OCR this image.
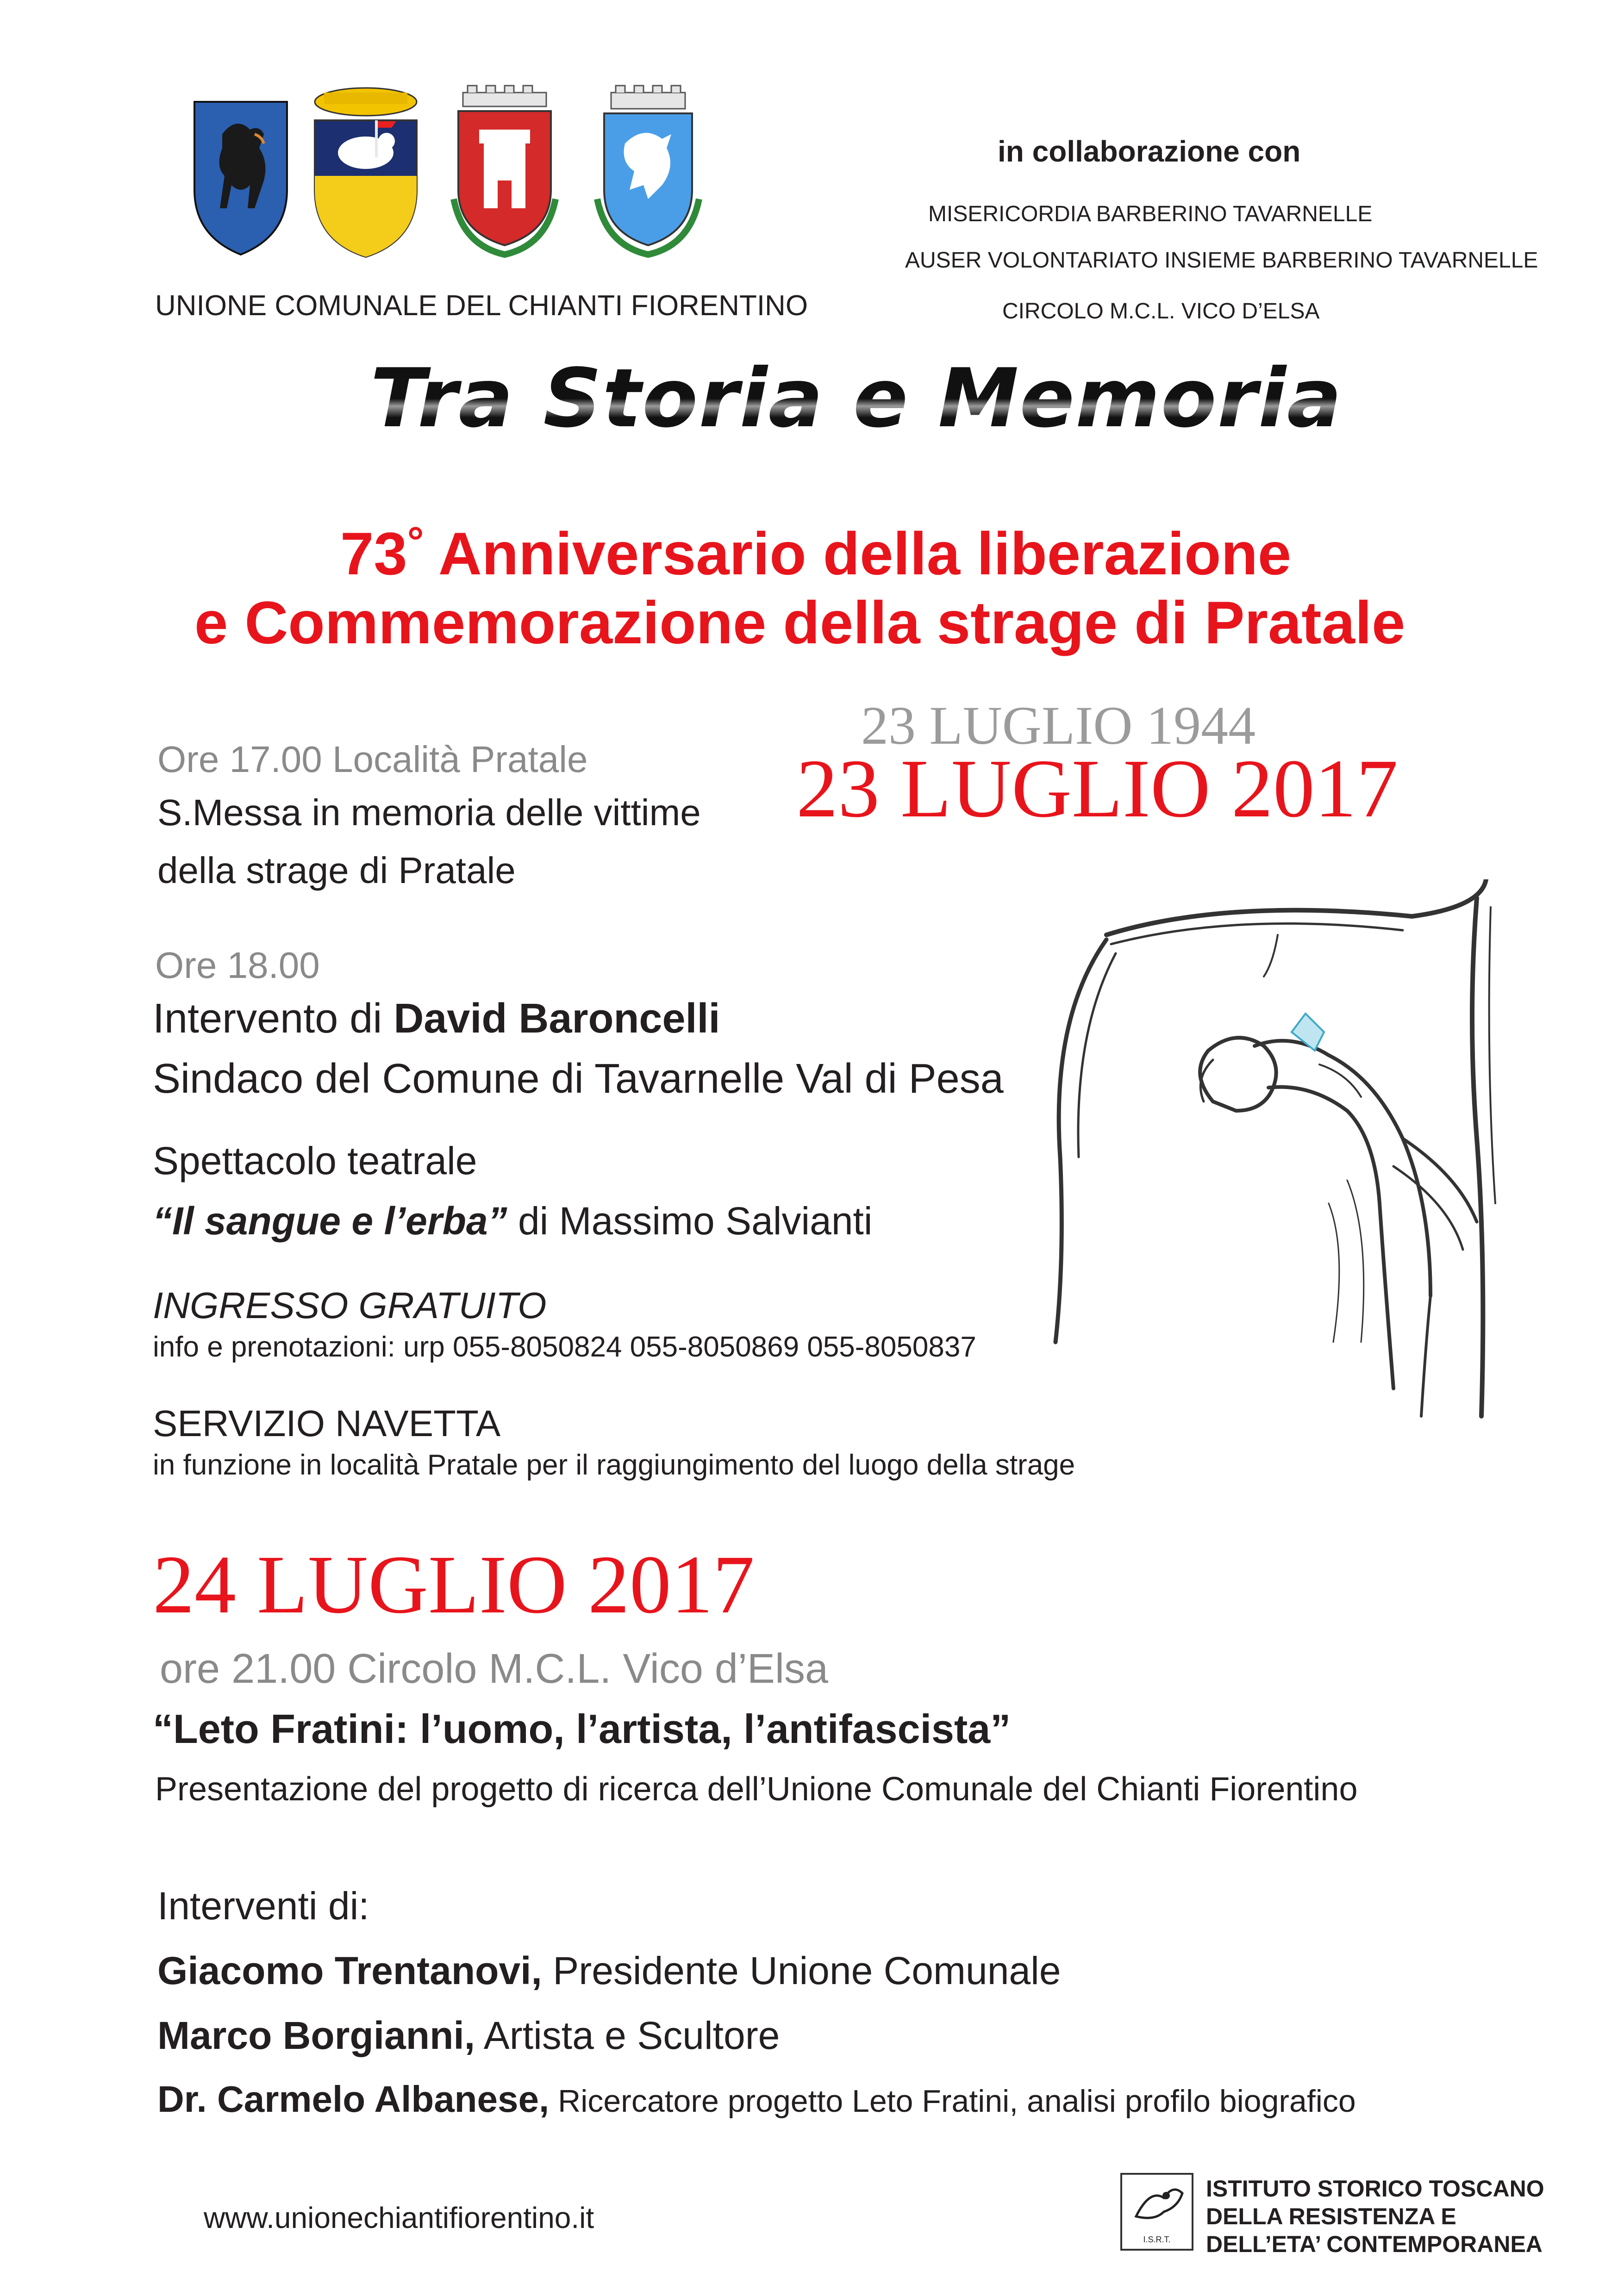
UNIONE COMUNALE DEL CHIANTI FIORENTINO
in collaborazione con
MISERICORDIA BARBERINO TAVARNELLE
AUSER VOLONTARIATO INSIEME BARBERINO TAVARNELLE
CIRCOLO M.C.L. VICO D’ELSA
Tra Storia e Memoria
73° Anniversario della liberazione
e Commemorazione della strage di Pratale
23 LUGLIO 1944
23 LUGLIO 2017
Ore 17.00 Località Pratale
S.Messa in memoria delle vittime
della strage di Pratale
Ore 18.00
Intervento di David Baroncelli
Sindaco del Comune di Tavarnelle Val di Pesa
Spettacolo teatrale
“Il sangue e l’erba” di Massimo Salvianti
INGRESSO GRATUITO
info e prenotazioni: urp 055-8050824 055-8050869 055-8050837
SERVIZIO NAVETTA
in funzione in località Pratale per il raggiungimento del luogo della strage
24 LUGLIO 2017
ore 21.00 Circolo M.C.L. Vico d’Elsa
“Leto Fratini: l’uomo, l’artista, l’antifascista”
Presentazione del progetto di ricerca dell’Unione Comunale del Chianti Fiorentino
Interventi di:
Giacomo Trentanovi, Presidente Unione Comunale
Marco Borgianni, Artista e Scultore
Dr. Carmelo Albanese, Ricercatore progetto Leto Fratini, analisi profilo biografico
www.unionechiantifiorentino.it
I.S.R.T.
ISTITUTO STORICO TOSCANO
DELLA RESISTENZA E
DELL’ETA’ CONTEMPORANEA
